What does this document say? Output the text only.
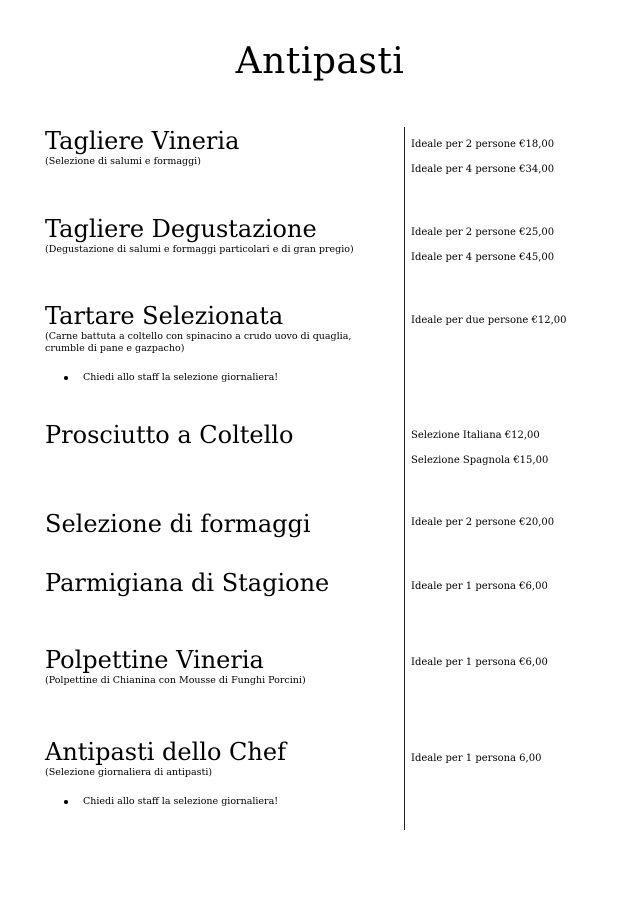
Antipasti
Tagliere Vineria

(Selezione di salumi e formaggi)

Ideale per 2 persone €18,00

Ideale per 4 persone €34,00

Tagliere Degustazione

(Degustazione di salumi e formaggi particolari e di gran pregio)

Ideale per 2 persone €25,00

Ideale per 4 persone €45,00

Tartare Selezionata

(Carne battuta a coltello con spinacino a crudo uovo di quaglia, crumble di pane e gazpacho)

Chiedi allo staff la selezione giornaliera!

Ideale per due persone €12,00

Prosciutto a Coltello	Selezione Italiana €12,00

Selezione Spagnola €15,00

Selezione di formaggi	Ideale per 2 persone €20,00

Parmigiana di Stagione	Ideale per 1 persona €6,00

Polpettine Vineria

(Polpettine di Chianina con Mousse di Funghi Porcini)

Ideale per 1 persona €6,00

Antipasti dello Chef

(Selezione giornaliera di antipasti)

Chiedi allo staff la selezione giornaliera!

Ideale per 1 persona 6,00
